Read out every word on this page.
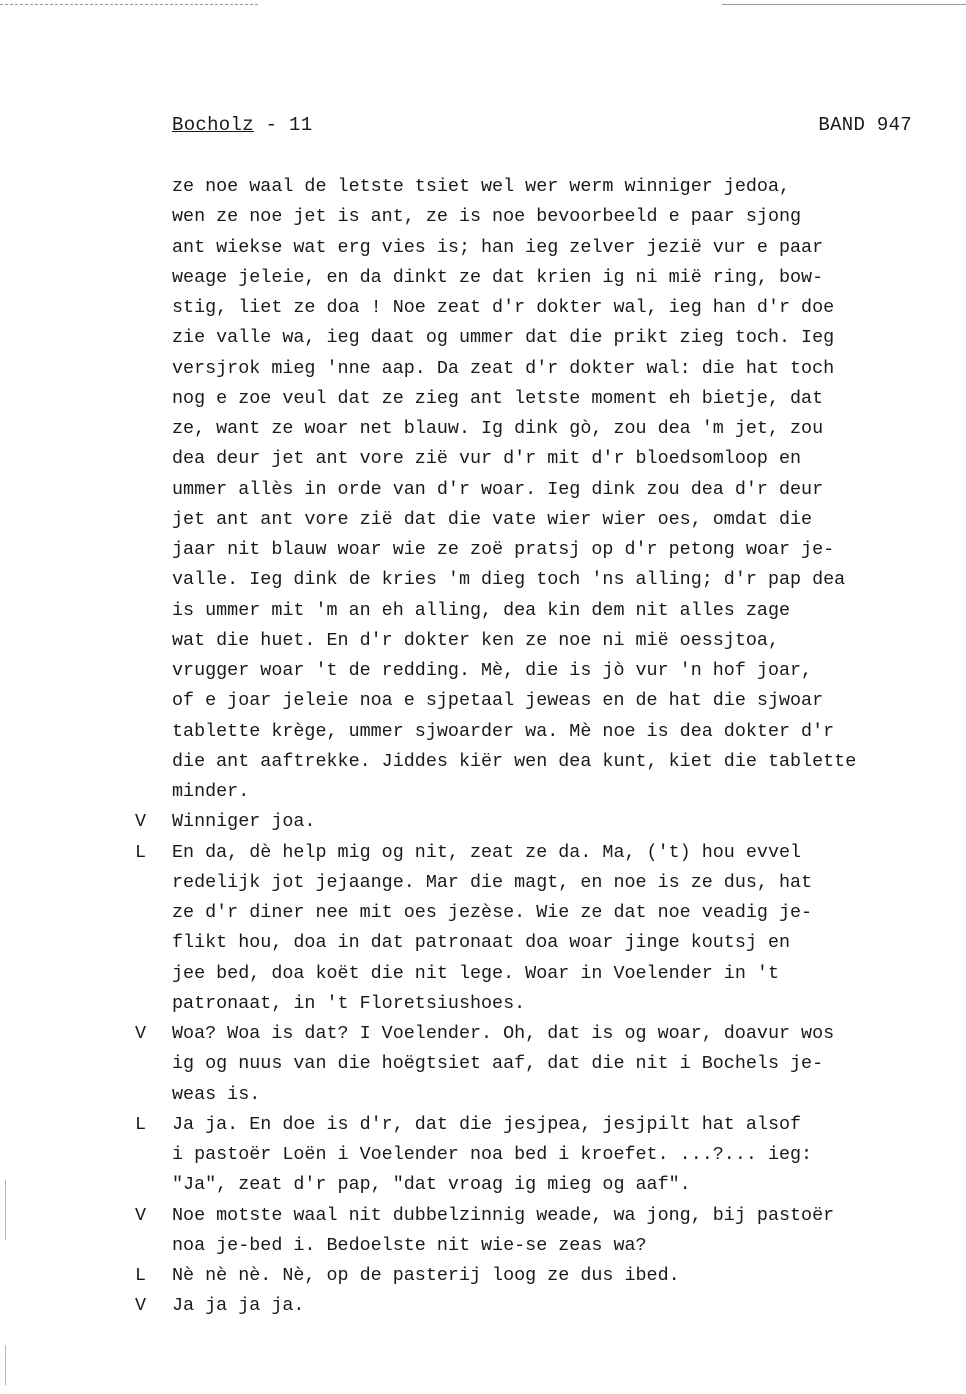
Bocholz - 11	BAND 947
ze noe waal de letste tsiet wel wer werm winniger jedoa,
wen ze noe jet is ant, ze is noe bevoorbeeld e paar sjong
ant wiekse wat erg vies is; han ieg zelver jezië vur e paar
weage jeleie, en da dinkt ze dat krien ig ni mië ring, bow-
stig, liet ze doa ! Noe zeat d'r dokter wal, ieg han d'r doe
zie valle wa, ieg daat og ummer dat die prikt zieg toch. Ieg
versjrok mieg 'nne aap. Da zeat d'r dokter wal: die hat toch
nog e zoe veul dat ze zieg ant letste moment eh bietje, dat
ze, want ze woar net blauw. Ig dink gò, zou dea 'm jet, zou
dea deur jet ant vore zië vur d'r mit d'r bloedsomloop en
ummer allès in orde van d'r woar. Ieg dink zou dea d'r deur
jet ant ant vore zië dat die vate wier wier oes, omdat die
jaar nit blauw woar wie ze zoë pratsj op d'r petong woar je-
valle. Ieg dink de kries 'm dieg toch 'ns alling; d'r pap dea
is ummer mit 'm an eh alling, dea kin dem nit alles zage
wat die huet. En d'r dokter ken ze noe ni mië oessjtoa,
vrugger woar 't de redding. Mè, die is jò vur 'n hof joar,
of e joar jeleie noa e sjpetaal jeweas en de hat die sjwoar
tablette krège, ummer sjwoarder wa. Mè noe is dea dokter d'r
die ant aaftrekke. Jiddes kiër wen dea kunt, kiet die tablette
minder.
V Winniger joa.
L En da, dè help mig og nit, zeat ze da. Ma, ('t) hou evvel
redelijk jot jejaange. Mar die magt, en noe is ze dus, hat
ze d'r diner nee mit oes jezèse. Wie ze dat noe veadig je-
flikt hou, doa in dat patronaat doa woar jinge koutsj en
jee bed, doa koët die nit lege. Woar in Voelender in 't
patronaat, in 't Floretsiushoes.
V Woa? Woa is dat? I Voelender. Oh, dat is og woar, doavur wos
ig og nuus van die hoëgtsiet aaf, dat die nit i Bochels je-
weas is.
L Ja ja. En doe is d'r, dat die jesjpea, jesjpilt hat alsof
i pastoër Loën i Voelender noa bed i kroefet. ...?... ieg:
"Ja", zeat d'r pap, "dat vroag ig mieg og aaf".
V Noe motste waal nit dubbelzinnig weade, wa jong, bij pastoër
noa je-bed i. Bedoelste nit wie-se zeas wa?
L Nè nè nè. Nè, op de pasterij loog ze dus ibed.
V Ja ja ja ja.
